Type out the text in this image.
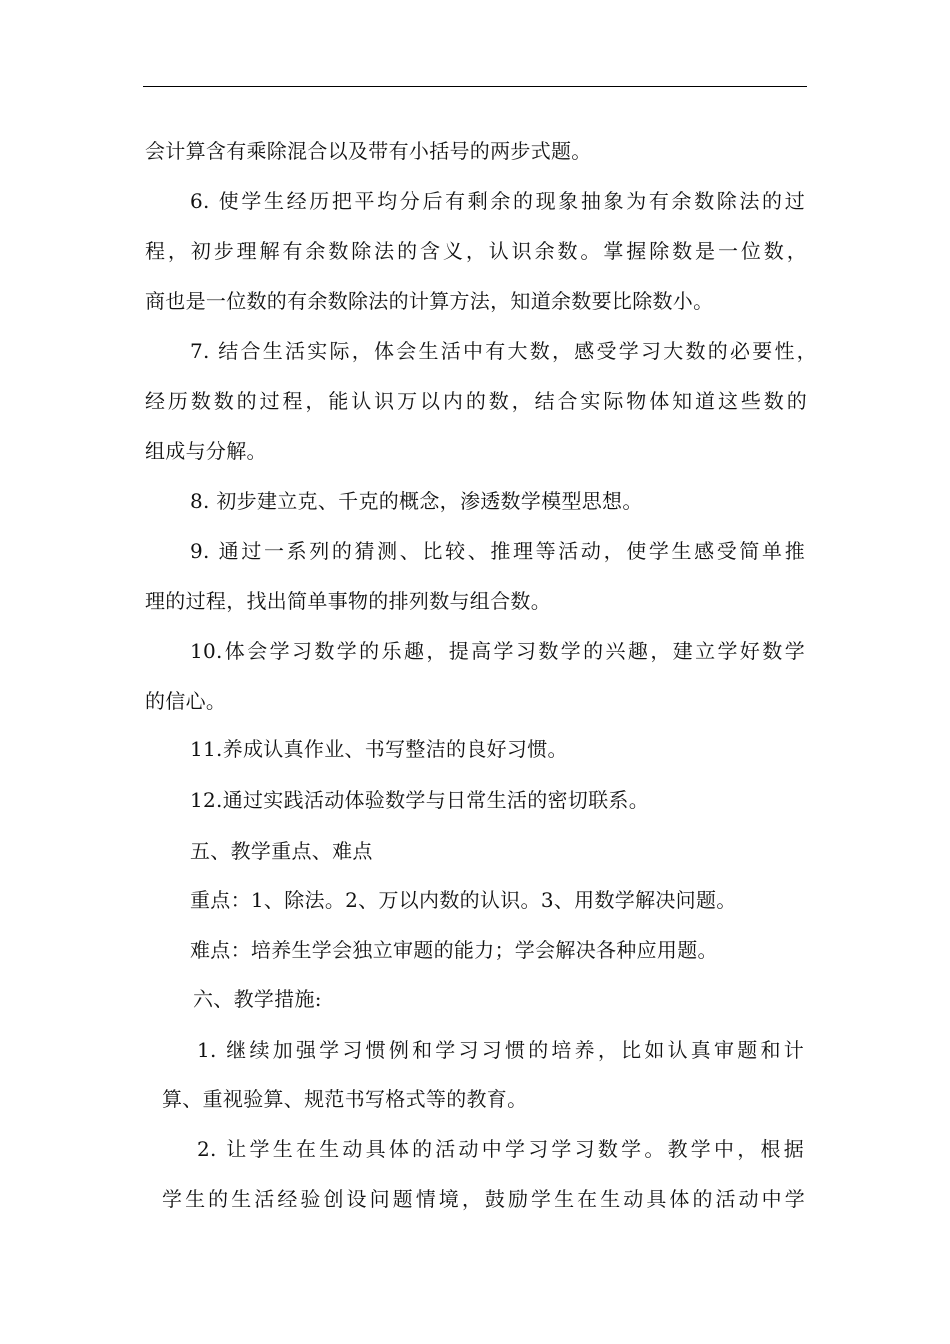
会计算含有乘除混合以及带有小括号的两步式题。
6. 使学生经历把平均分后有剩余的现象抽象为有余数除法的过
程，初步理解有余数除法的含义，认识余数。掌握除数是一位数，
商也是一位数的有余数除法的计算方法，知道余数要比除数小。
7. 结合生活实际，体会生活中有大数，感受学习大数的必要性，
经历数数的过程，能认识万以内的数，结合实际物体知道这些数的
组成与分解。
8. 初步建立克、千克的概念，渗透数学模型思想。
9. 通过一系列的猜测、比较、推理等活动，使学生感受简单推
理的过程，找出简单事物的排列数与组合数。
10.体会学习数学的乐趣，提高学习数学的兴趣，建立学好数学
的信心。
11.养成认真作业、书写整洁的良好习惯。
12.通过实践活动体验数学与日常生活的密切联系。
五、教学重点、难点
重点：1、除法。2、万以内数的认识。3、用数学解决问题。
难点：培养生学会独立审题的能力；学会解决各种应用题。
六、教学措施:
1. 继续加强学习惯例和学习习惯的培养，比如认真审题和计
算、重视验算、规范书写格式等的教育。
2. 让学生在生动具体的活动中学习学习数学。教学中，根据
学生的生活经验创设问题情境，鼓励学生在生动具体的活动中学
